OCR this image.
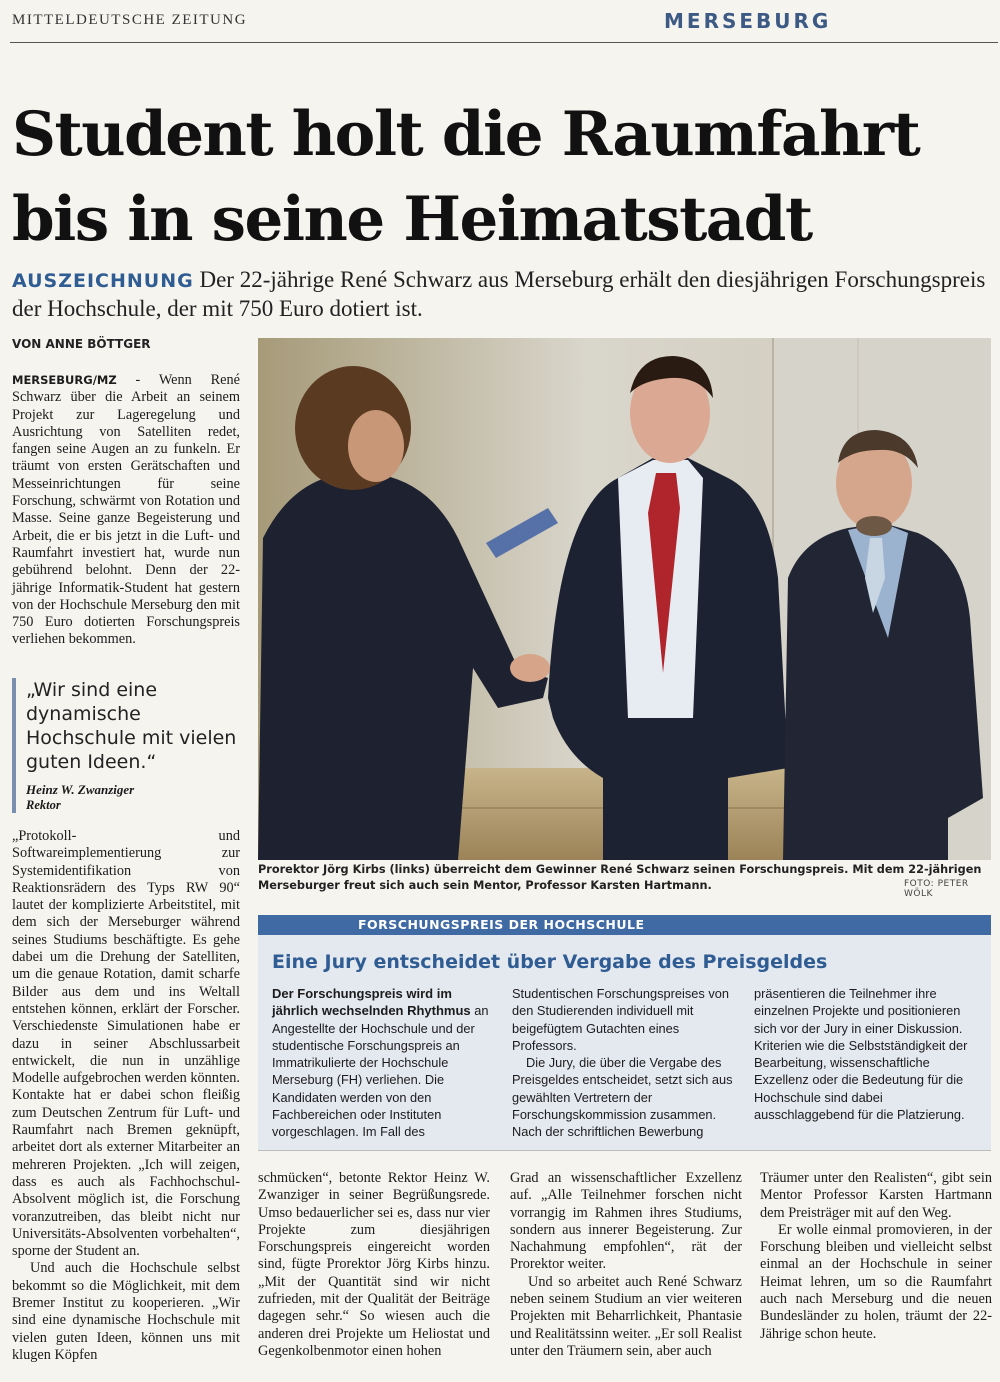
MITTELDEUTSCHE ZEITUNG	MERSEBURG
Student holt die Raumfahrt
bis in seine Heimatstadt
AUSZEICHNUNG Der 22-jährige René Schwarz aus Merseburg erhält den diesjährigen Forschungspreis der Hochschule, der mit 750 Euro dotiert ist.
VON ANNE BÖTTGER

MERSEBURG/MZ - Wenn René Schwarz über die Arbeit an seinem Projekt zur Lageregelung und Ausrichtung von Satelliten redet, fangen seine Augen an zu funkeln. Er träumt von ersten Gerätschaften und Messeinrichtungen für seine Forschung, schwärmt von Rotation und Masse. Seine ganze Begeisterung und Arbeit, die er bis jetzt in die Luft- und Raumfahrt investiert hat, wurde nun gebührend belohnt. Denn der 22-jährige Informatik-Student hat gestern von der Hochschule Merseburg den mit 750 Euro dotierten Forschungspreis verliehen bekommen.

„Wir sind eine dynamische Hochschule mit vielen guten Ideen.“
Heinz W. Zwanziger
Rektor

„Protokoll- und Softwareimplementierung zur Systemidentifikation von Reaktionsrädern des Typs RW 90“ lautet der komplizierte Arbeitstitel, mit dem sich der Merseburger während seines Studiums beschäftigte. Es gehe dabei um die Drehung der Satelliten, um die genaue Rotation, damit scharfe Bilder aus dem und ins Weltall entstehen können, erklärt der Forscher. Verschiedenste Simulationen habe er dazu in seiner Abschlussarbeit entwickelt, die nun in unzählige Modelle aufgebrochen werden könnten. Kontakte hat er dabei schon fleißig zum Deutschen Zentrum für Luft- und Raumfahrt nach Bremen geknüpft, arbeitet dort als externer Mitarbeiter an mehreren Projekten. „Ich will zeigen, dass es auch als Fachhochschul-Absolvent möglich ist, die Forschung voranzutreiben, das bleibt nicht nur Universitäts-Absolventen vorbehalten“, sporne der Student an.

Und auch die Hochschule selbst bekommt so die Möglichkeit, mit dem Bremer Institut zu kooperieren. „Wir sind eine dynamische Hochschule mit vielen guten Ideen, können uns mit klugen Köpfen

Prorektor Jörg Kirbs (links) überreicht dem Gewinner René Schwarz seinen Forschungspreis. Mit dem 22-jährigen Merseburger freut sich auch sein Mentor, Professor Karsten Hartmann.	FOTO: PETER WÖLK
FORSCHUNGSPREIS DER HOCHSCHULE
Eine Jury entscheidet über Vergabe des Preisgeldes

Der Forschungspreis wird im jährlich wechselnden Rhythmus an Angestellte der Hochschule und der studentische Forschungspreis an Immatrikulierte der Hochschule Merseburg (FH) verliehen. Die Kandidaten werden von den Fachbereichen oder Instituten vorgeschlagen. Im Fall des

Studentischen Forschungspreises von den Studierenden individuell mit beigefügtem Gutachten eines Professors.

Die Jury, die über die Vergabe des Preisgeldes entscheidet, setzt sich aus gewählten Vertretern der Forschungskommission zusammen. Nach der schriftlichen Bewerbung

präsentieren die Teilnehmer ihre einzelnen Projekte und positionieren sich vor der Jury in einer Diskussion. Kriterien wie die Selbstständigkeit der Bearbeitung, wissenschaftliche Exzellenz oder die Bedeutung für die Hochschule sind dabei ausschlaggebend für die Platzierung.

schmücken“, betonte Rektor Heinz W. Zwanziger in seiner Begrüßungsrede. Umso bedauerlicher sei es, dass nur vier Projekte zum diesjährigen Forschungspreis eingereicht worden sind, fügte Prorektor Jörg Kirbs hinzu. „Mit der Quantität sind wir nicht zufrieden, mit der Qualität der Beiträge dagegen sehr.“ So wiesen auch die anderen drei Projekte um Heliostat und Gegenkolbenmotor einen hohen

Grad an wissenschaftlicher Exzellenz auf. „Alle Teilnehmer forschen nicht vorrangig im Rahmen ihres Studiums, sondern aus innerer Begeisterung. Zur Nachahmung empfohlen“, rät der Prorektor weiter.

Und so arbeitet auch René Schwarz neben seinem Studium an vier weiteren Projekten mit Beharrlichkeit, Phantasie und Realitätssinn weiter. „Er soll Realist unter den Träumern sein, aber auch

Träumer unter den Realisten“, gibt sein Mentor Professor Karsten Hartmann dem Preisträger mit auf den Weg.

Er wolle einmal promovieren, in der Forschung bleiben und vielleicht selbst einmal an der Hochschule in seiner Heimat lehren, um so die Raumfahrt auch nach Merseburg und die neuen Bundesländer zu holen, träumt der 22-Jährige schon heute.
